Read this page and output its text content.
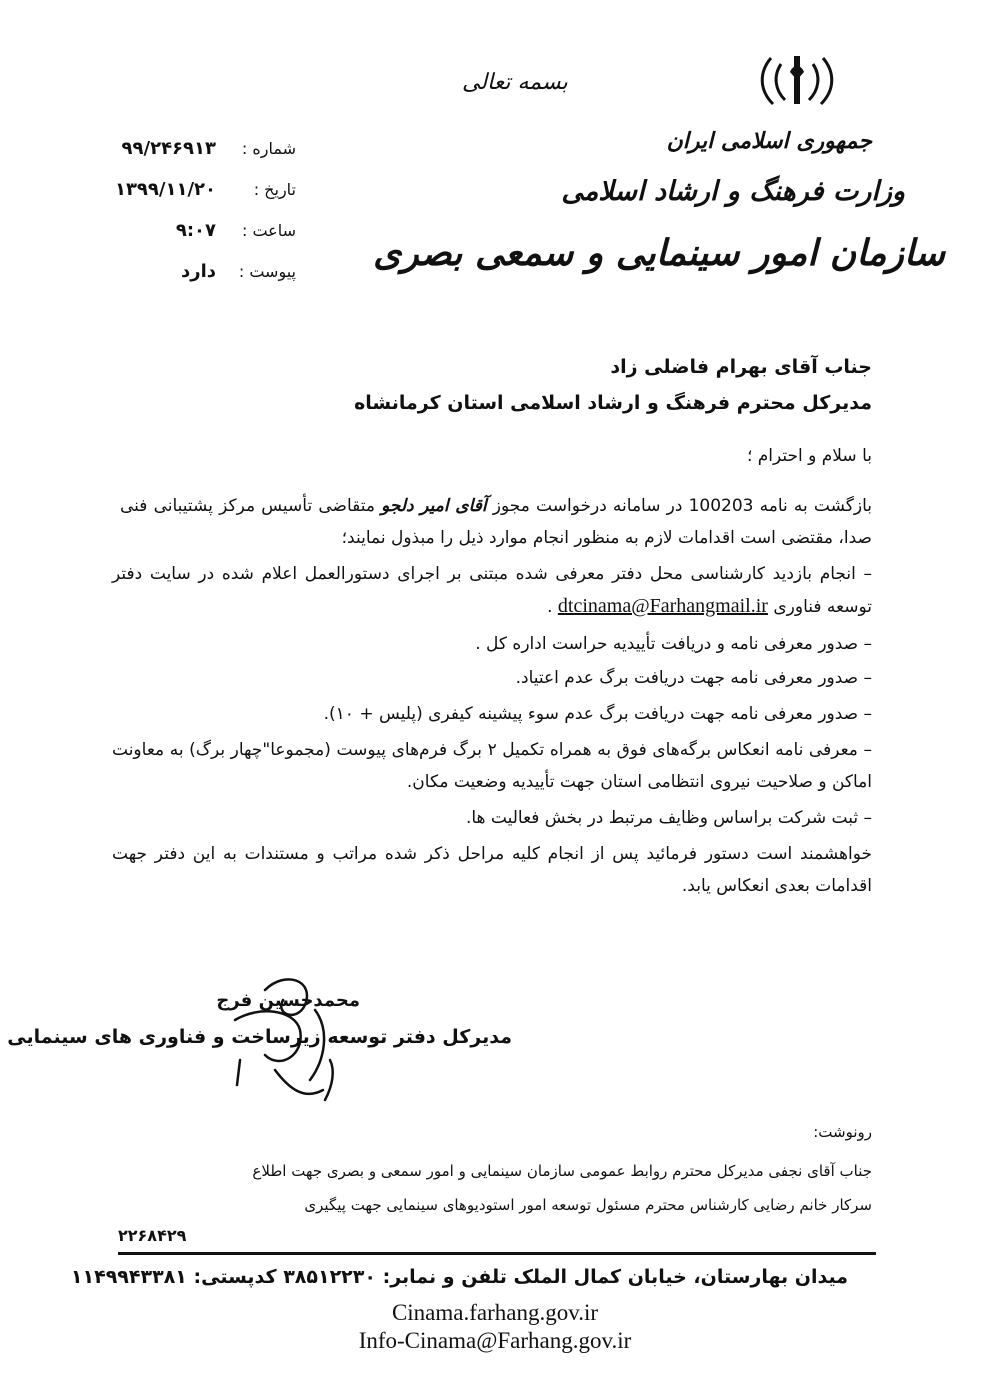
بسمه تعالی
جمهوری اسلامی ایران
وزارت فرهنگ و ارشاد اسلامی
سازمان امور سینمایی و سمعی بصری
شماره :۹۹/۲۴۶۹۱۳
تاریخ :۱۳۹۹/۱۱/۲۰
ساعت :۹:۰۷
پیوست :دارد
جناب آقای بهرام فاضلی زاد
مدیرکل محترم فرهنگ و ارشاد اسلامی استان کرمانشاه
با سلام و احترام ؛
بازگشت به نامه 100203 در سامانه درخواست مجوز آقای امیر دلجو متقاضی تأسیس مرکز پشتیبانی فنی صدا، مقتضی است اقدامات لازم به منظور انجام موارد ذیل را مبذول نمایند؛
– انجام بازدید کارشناسی محل دفتر معرفی شده مبتنی بر اجرای دستورالعمل اعلام شده در سایت دفتر توسعه فناوری dtcinama@Farhangmail.ir .
– صدور معرفی نامه و دریافت تأییدیه حراست اداره کل .
– صدور معرفی نامه جهت دریافت برگ عدم اعتیاد.
– صدور معرفی نامه جهت دریافت برگ عدم سوء پیشینه کیفری (پلیس + ۱۰).
– معرفی نامه انعکاس برگه‌های فوق به همراه تکمیل ۲ برگ فرم‌های پیوست (مجموعا"چهار برگ) به معاونت اماکن و صلاحیت نیروی انتظامی استان جهت تأییدیه وضعیت مکان.
– ثبت شرکت براساس وظایف مرتبط در بخش فعالیت ها.
خواهشمند است دستور فرمائید پس از انجام کلیه مراحل ذکر شده مراتب و مستندات به این دفتر جهت اقدامات بعدی انعکاس یابد.
محمدحسین فرج
مدیرکل دفتر توسعه زیرساخت و فناوری های سینمایی
رونوشت:
جناب آقای نجفی مدیرکل محترم روابط عمومی سازمان سینمایی و امور سمعی و بصری جهت اطلاع
سرکار خانم رضایی کارشناس محترم مسئول توسعه امور استودیوهای سینمایی جهت پیگیری
۲۲۶۸۴۲۹
میدان بهارستان، خیابان کمال الملک تلفن و نمابر: ۳۸۵۱۲۲۳۰ کدپستی: ۱۱۴۹۹۴۳۳۸۱
Cinama.farhang.gov.ir
Info-Cinama@Farhang.gov.ir
